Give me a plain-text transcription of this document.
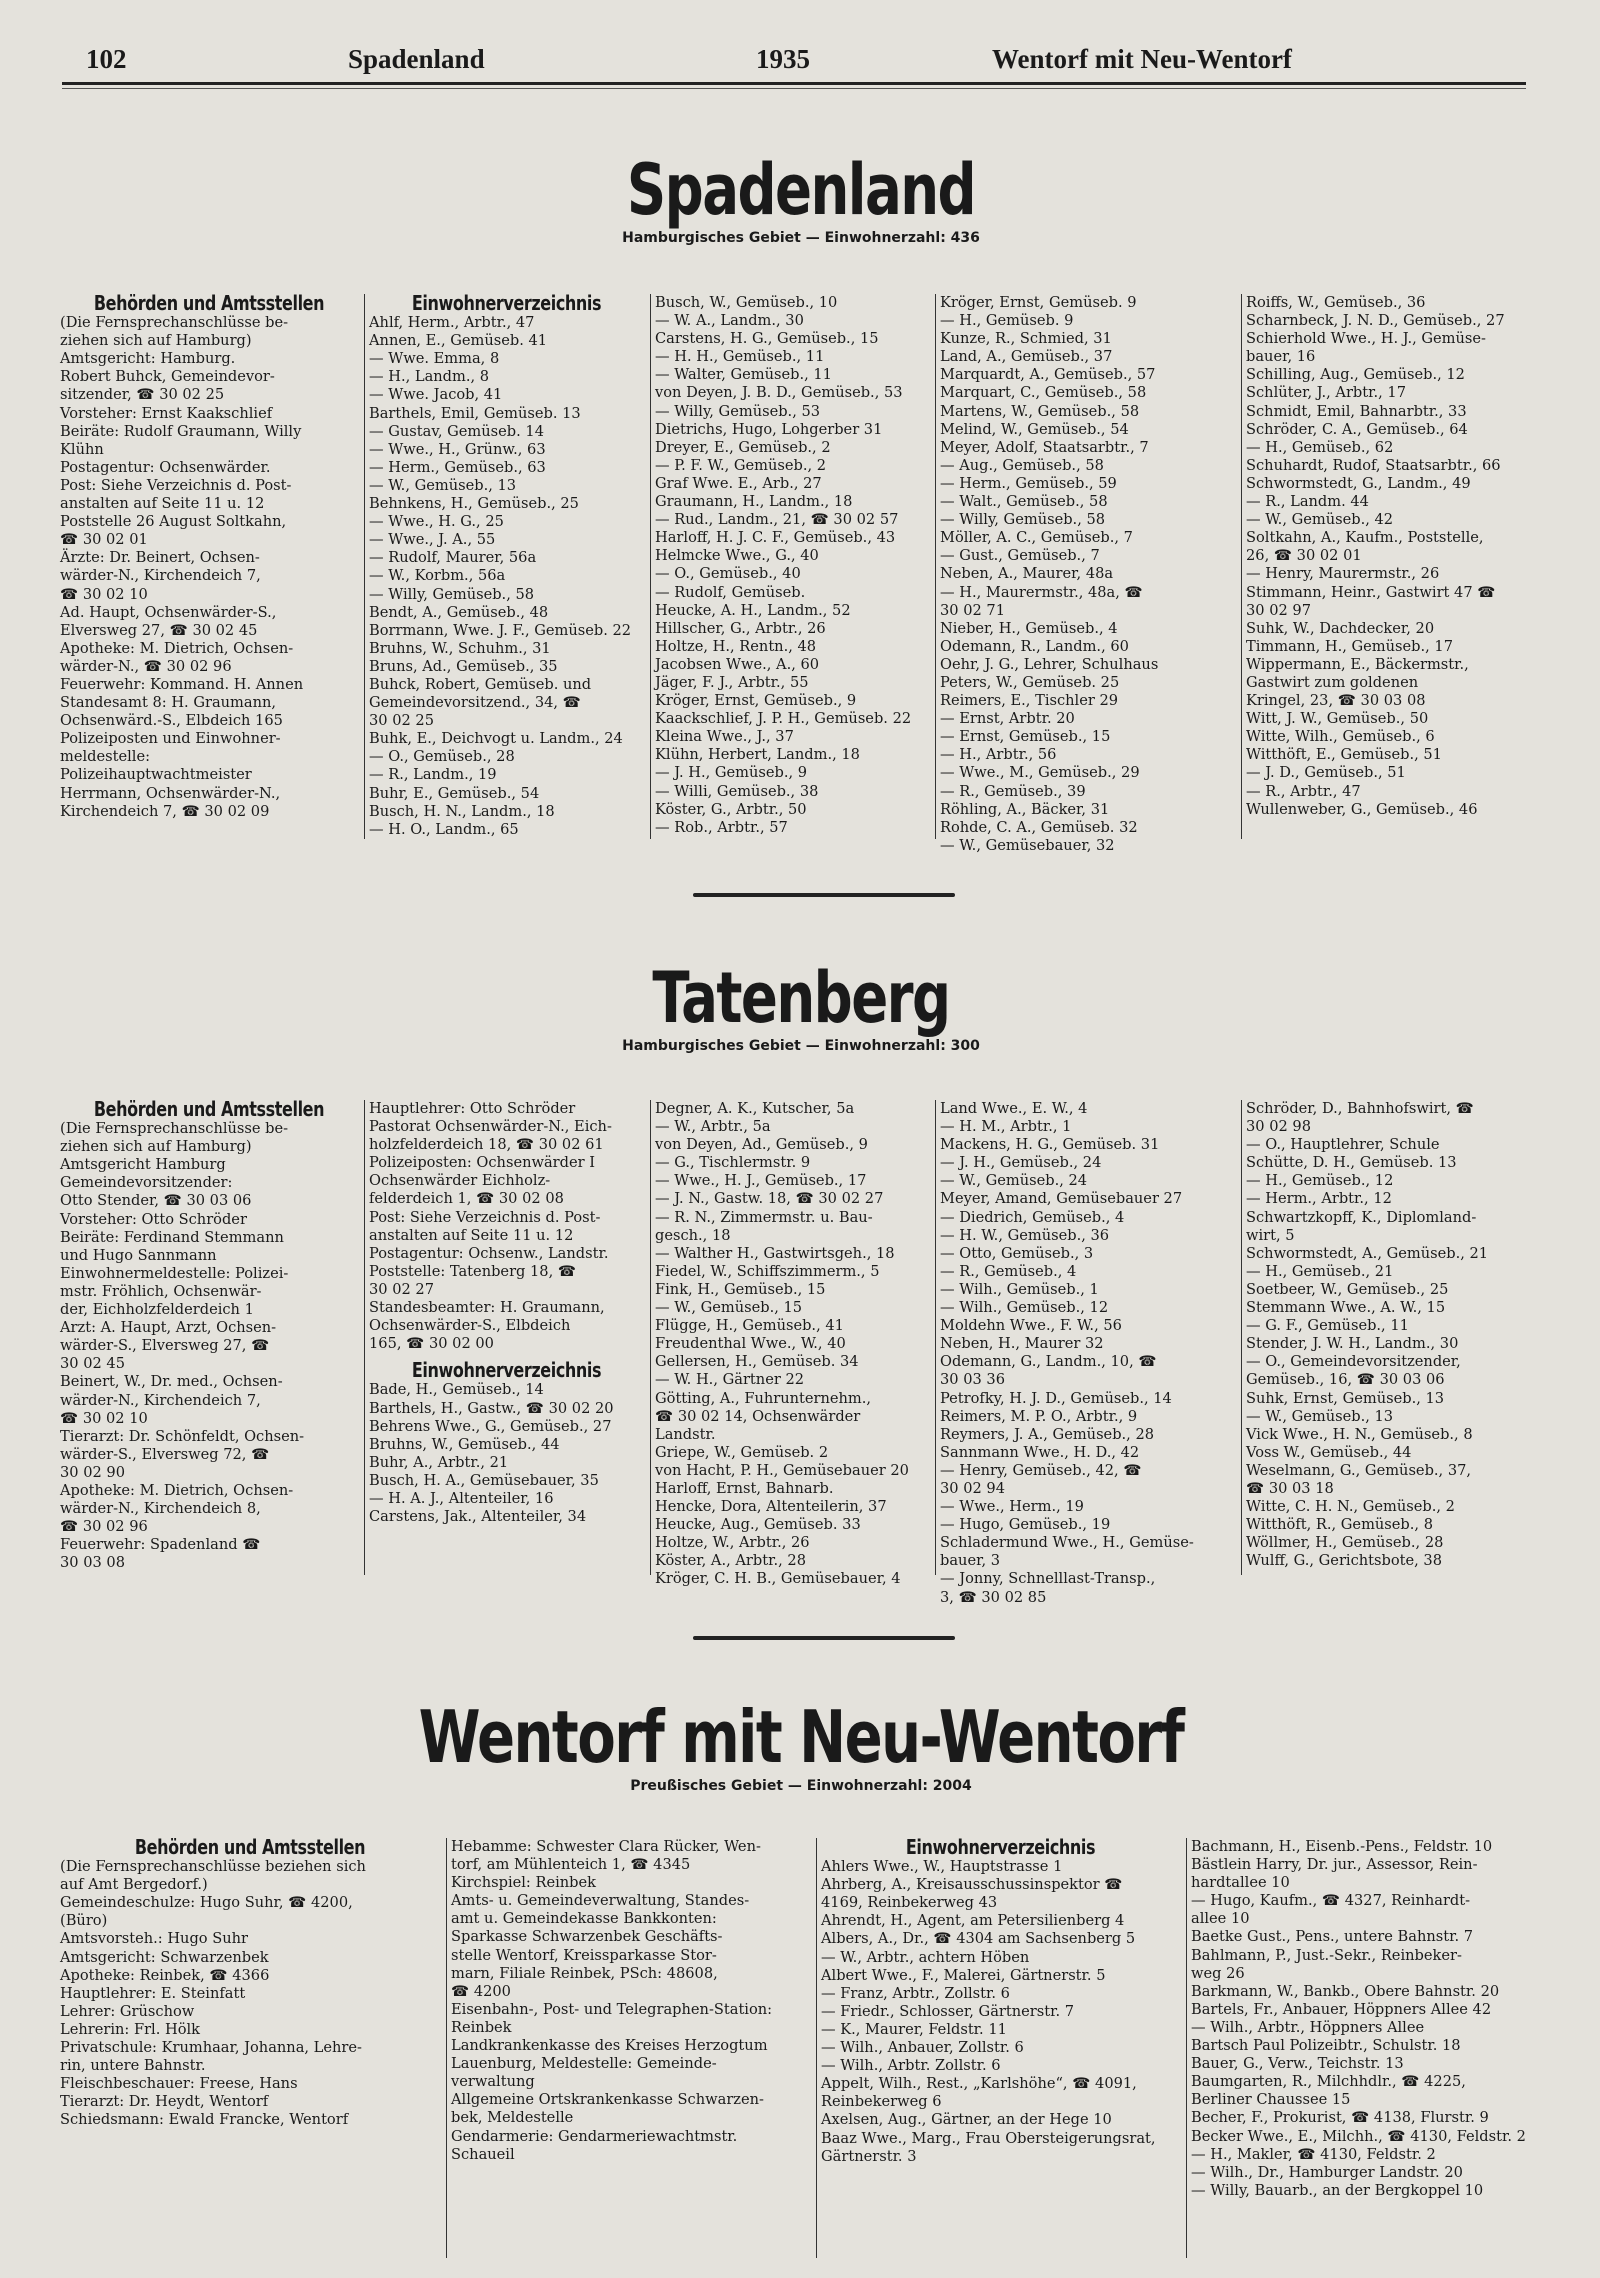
102	Spadenland	1935	Wentorf mit Neu-Wentorf
Spadenland
Hamburgisches Gebiet — Einwohnerzahl: 436
Behörden und Amtsstellen
(Die Fernsprechanschlüsse be-
ziehen sich auf Hamburg)
Amtsgericht: Hamburg.
Robert Buhck, Gemeindevor-
sitzender, ☎ 30 02 25
Vorsteher: Ernst Kaakschlief
Beiräte: Rudolf Graumann, Willy
Klühn
Postagentur: Ochsenwärder.
Post: Siehe Verzeichnis d. Post-
anstalten auf Seite 11 u. 12
Poststelle 26 August Soltkahn,
☎ 30 02 01
Ärzte: Dr. Beinert, Ochsen-
wärder-N., Kirchendeich 7,
☎ 30 02 10
Ad. Haupt, Ochsenwärder-S.,
Elversweg 27, ☎ 30 02 45
Apotheke: M. Dietrich, Ochsen-
wärder-N., ☎ 30 02 96
Feuerwehr: Kommand. H. Annen
Standesamt 8: H. Graumann,
Ochsenwärd.-S., Elbdeich 165
Polizeiposten und Einwohner-
meldestelle:
Polizeihauptwachtmeister
Herrmann, Ochsenwärder-N.,
Kirchendeich 7, ☎ 30 02 09
Einwohnerverzeichnis
Ahlf, Herm., Arbtr., 47
Annen, E., Gemüseb. 41
— Wwe. Emma, 8
— H., Landm., 8
— Wwe. Jacob, 41
Barthels, Emil, Gemüseb. 13
— Gustav, Gemüseb. 14
— Wwe., H., Grünw., 63
— Herm., Gemüseb., 63
— W., Gemüseb., 13
Behnkens, H., Gemüseb., 25
— Wwe., H. G., 25
— Wwe., J. A., 55
— Rudolf, Maurer, 56a
— W., Korbm., 56a
— Willy, Gemüseb., 58
Bendt, A., Gemüseb., 48
Borrmann, Wwe. J. F., Gemüseb. 22
Bruhns, W., Schuhm., 31
Bruns, Ad., Gemüseb., 35
Buhck, Robert, Gemüseb. und
Gemeindevorsitzend., 34, ☎
30 02 25
Buhk, E., Deichvogt u. Landm., 24
— O., Gemüseb., 28
— R., Landm., 19
Buhr, E., Gemüseb., 54
Busch, H. N., Landm., 18
— H. O., Landm., 65
Busch, W., Gemüseb., 10
— W. A., Landm., 30
Carstens, H. G., Gemüseb., 15
— H. H., Gemüseb., 11
— Walter, Gemüseb., 11
von Deyen, J. B. D., Gemüseb., 53
— Willy, Gemüseb., 53
Dietrichs, Hugo, Lohgerber 31
Dreyer, E., Gemüseb., 2
— P. F. W., Gemüseb., 2
Graf Wwe. E., Arb., 27
Graumann, H., Landm., 18
— Rud., Landm., 21, ☎ 30 02 57
Harloff, H. J. C. F., Gemüseb., 43
Helmcke Wwe., G., 40
— O., Gemüseb., 40
— Rudolf, Gemüseb.
Heucke, A. H., Landm., 52
Hillscher, G., Arbtr., 26
Holtze, H., Rentn., 48
Jacobsen Wwe., A., 60
Jäger, F. J., Arbtr., 55
Kröger, Ernst, Gemüseb., 9
Kaackschlief, J. P. H., Gemüseb. 22
Kleina Wwe., J., 37
Klühn, Herbert, Landm., 18
— J. H., Gemüseb., 9
— Willi, Gemüseb., 38
Köster, G., Arbtr., 50
— Rob., Arbtr., 57
Kröger, Ernst, Gemüseb. 9
— H., Gemüseb. 9
Kunze, R., Schmied, 31
Land, A., Gemüseb., 37
Marquardt, A., Gemüseb., 57
Marquart, C., Gemüseb., 58
Martens, W., Gemüseb., 58
Melind, W., Gemüseb., 54
Meyer, Adolf, Staatsarbtr., 7
— Aug., Gemüseb., 58
— Herm., Gemüseb., 59
— Walt., Gemüseb., 58
— Willy, Gemüseb., 58
Möller, A. C., Gemüseb., 7
— Gust., Gemüseb., 7
Neben, A., Maurer, 48a
— H., Maurermstr., 48a, ☎
30 02 71
Nieber, H., Gemüseb., 4
Odemann, R., Landm., 60
Oehr, J. G., Lehrer, Schulhaus
Peters, W., Gemüseb. 25
Reimers, E., Tischler 29
— Ernst, Arbtr. 20
— Ernst, Gemüseb., 15
— H., Arbtr., 56
— Wwe., M., Gemüseb., 29
— R., Gemüseb., 39
Röhling, A., Bäcker, 31
Rohde, C. A., Gemüseb. 32
— W., Gemüsebauer, 32
Roiffs, W., Gemüseb., 36
Scharnbeck, J. N. D., Gemüseb., 27
Schierhold Wwe., H. J., Gemüse-
bauer, 16
Schilling, Aug., Gemüseb., 12
Schlüter, J., Arbtr., 17
Schmidt, Emil, Bahnarbtr., 33
Schröder, C. A., Gemüseb., 64
— H., Gemüseb., 62
Schuhardt, Rudof, Staatsarbtr., 66
Schwormstedt, G., Landm., 49
— R., Landm. 44
— W., Gemüseb., 42
Soltkahn, A., Kaufm., Poststelle,
26, ☎ 30 02 01
— Henry, Maurermstr., 26
Stimmann, Heinr., Gastwirt 47 ☎
30 02 97
Suhk, W., Dachdecker, 20
Timmann, H., Gemüseb., 17
Wippermann, E., Bäckermstr.,
Gastwirt zum goldenen
Kringel, 23, ☎ 30 03 08
Witt, J. W., Gemüseb., 50
Witte, Wilh., Gemüseb., 6
Witthöft, E., Gemüseb., 51
— J. D., Gemüseb., 51
— R., Arbtr., 47
Wullenweber, G., Gemüseb., 46
Tatenberg
Hamburgisches Gebiet — Einwohnerzahl: 300
Behörden und Amtsstellen
(Die Fernsprechanschlüsse be-
ziehen sich auf Hamburg)
Amtsgericht Hamburg
Gemeindevorsitzender:
Otto Stender, ☎ 30 03 06
Vorsteher: Otto Schröder
Beiräte: Ferdinand Stemmann
und Hugo Sannmann
Einwohnermeldestelle: Polizei-
mstr. Fröhlich, Ochsenwär-
der, Eichholzfelderdeich 1
Arzt: A. Haupt, Arzt, Ochsen-
wärder-S., Elversweg 27, ☎
30 02 45
Beinert, W., Dr. med., Ochsen-
wärder-N., Kirchendeich 7,
☎ 30 02 10
Tierarzt: Dr. Schönfeldt, Ochsen-
wärder-S., Elversweg 72, ☎
30 02 90
Apotheke: M. Dietrich, Ochsen-
wärder-N., Kirchendeich 8,
☎ 30 02 96
Feuerwehr: Spadenland ☎
30 03 08
Hauptlehrer: Otto Schröder
Pastorat Ochsenwärder-N., Eich-
holzfelderdeich 18, ☎ 30 02 61
Polizeiposten: Ochsenwärder I
Ochsenwärder Eichholz-
felderdeich 1, ☎ 30 02 08
Post: Siehe Verzeichnis d. Post-
anstalten auf Seite 11 u. 12
Postagentur: Ochsenw., Landstr.
Poststelle: Tatenberg 18, ☎
30 02 27
Standesbeamter: H. Graumann,
Ochsenwärder-S., Elbdeich
165, ☎ 30 02 00
Einwohnerverzeichnis
Bade, H., Gemüseb., 14
Barthels, H., Gastw., ☎ 30 02 20
Behrens Wwe., G., Gemüseb., 27
Bruhns, W., Gemüseb., 44
Buhr, A., Arbtr., 21
Busch, H. A., Gemüsebauer, 35
— H. A. J., Altenteiler, 16
Carstens, Jak., Altenteiler, 34
Degner, A. K., Kutscher, 5a
— W., Arbtr., 5a
von Deyen, Ad., Gemüseb., 9
— G., Tischlermstr. 9
— Wwe., H. J., Gemüseb., 17
— J. N., Gastw. 18, ☎ 30 02 27
— R. N., Zimmermstr. u. Bau-
gesch., 18
— Walther H., Gastwirtsgeh., 18
Fiedel, W., Schiffszimmerm., 5
Fink, H., Gemüseb., 15
— W., Gemüseb., 15
Flügge, H., Gemüseb., 41
Freudenthal Wwe., W., 40
Gellersen, H., Gemüseb. 34
— W. H., Gärtner 22
Götting, A., Fuhrunternehm.,
☎ 30 02 14, Ochsenwärder
Landstr.
Griepe, W., Gemüseb. 2
von Hacht, P. H., Gemüsebauer 20
Harloff, Ernst, Bahnarb.
Hencke, Dora, Altenteilerin, 37
Heucke, Aug., Gemüseb. 33
Holtze, W., Arbtr., 26
Köster, A., Arbtr., 28
Kröger, C. H. B., Gemüsebauer, 4
Land Wwe., E. W., 4
— H. M., Arbtr., 1
Mackens, H. G., Gemüseb. 31
— J. H., Gemüseb., 24
— W., Gemüseb., 24
Meyer, Amand, Gemüsebauer 27
— Diedrich, Gemüseb., 4
— H. W., Gemüseb., 36
— Otto, Gemüseb., 3
— R., Gemüseb., 4
— Wilh., Gemüseb., 1
— Wilh., Gemüseb., 12
Moldehn Wwe., F. W., 56
Neben, H., Maurer 32
Odemann, G., Landm., 10, ☎
30 03 36
Petrofky, H. J. D., Gemüseb., 14
Reimers, M. P. O., Arbtr., 9
Reymers, J. A., Gemüseb., 28
Sannmann Wwe., H. D., 42
— Henry, Gemüseb., 42, ☎
30 02 94
— Wwe., Herm., 19
— Hugo, Gemüseb., 19
Schladermund Wwe., H., Gemüse-
bauer, 3
— Jonny, Schnelllast-Transp.,
3, ☎ 30 02 85
Schröder, D., Bahnhofswirt, ☎
30 02 98
— O., Hauptlehrer, Schule
Schütte, D. H., Gemüseb. 13
— H., Gemüseb., 12
— Herm., Arbtr., 12
Schwartzkopff, K., Diplomland-
wirt, 5
Schwormstedt, A., Gemüseb., 21
— H., Gemüseb., 21
Soetbeer, W., Gemüseb., 25
Stemmann Wwe., A. W., 15
— G. F., Gemüseb., 11
Stender, J. W. H., Landm., 30
— O., Gemeindevorsitzender,
Gemüseb., 16, ☎ 30 03 06
Suhk, Ernst, Gemüseb., 13
— W., Gemüseb., 13
Vick Wwe., H. N., Gemüseb., 8
Voss W., Gemüseb., 44
Weselmann, G., Gemüseb., 37,
☎ 30 03 18
Witte, C. H. N., Gemüseb., 2
Witthöft, R., Gemüseb., 8
Wöllmer, H., Gemüseb., 28
Wulff, G., Gerichtsbote, 38
Wentorf mit Neu-Wentorf
Preußisches Gebiet — Einwohnerzahl: 2004
Behörden und Amtsstellen
(Die Fernsprechanschlüsse beziehen sich
auf Amt Bergedorf.)
Gemeindeschulze: Hugo Suhr, ☎ 4200,
(Büro)
Amtsvorsteh.: Hugo Suhr
Amtsgericht: Schwarzenbek
Apotheke: Reinbek, ☎ 4366
Hauptlehrer: E. Steinfatt
Lehrer: Grüschow
Lehrerin: Frl. Hölk
Privatschule: Krumhaar, Johanna, Lehre-
rin, untere Bahnstr.
Fleischbeschauer: Freese, Hans
Tierarzt: Dr. Heydt, Wentorf
Schiedsmann: Ewald Francke, Wentorf
Hebamme: Schwester Clara Rücker, Wen-
torf, am Mühlenteich 1, ☎ 4345
Kirchspiel: Reinbek
Amts- u. Gemeindeverwaltung, Standes-
amt u. Gemeindekasse Bankkonten:
Sparkasse Schwarzenbek Geschäfts-
stelle Wentorf, Kreissparkasse Stor-
marn, Filiale Reinbek, PSch: 48608,
☎ 4200
Eisenbahn-, Post- und Telegraphen-Station:
Reinbek
Landkrankenkasse des Kreises Herzogtum
Lauenburg, Meldestelle: Gemeinde-
verwaltung
Allgemeine Ortskrankenkasse Schwarzen-
bek, Meldestelle
Gendarmerie: Gendarmeriewachtmstr.
Schaueil
Einwohnerverzeichnis
Ahlers Wwe., W., Hauptstrasse 1
Ahrberg, A., Kreisausschussinspektor ☎
4169, Reinbekerweg 43
Ahrendt, H., Agent, am Petersilienberg 4
Albers, A., Dr., ☎ 4304 am Sachsenberg 5
— W., Arbtr., achtern Höben
Albert Wwe., F., Malerei, Gärtnerstr. 5
— Franz, Arbtr., Zollstr. 6
— Friedr., Schlosser, Gärtnerstr. 7
— K., Maurer, Feldstr. 11
— Wilh., Anbauer, Zollstr. 6
— Wilh., Arbtr. Zollstr. 6
Appelt, Wilh., Rest., „Karlshöhe“, ☎ 4091,
Reinbekerweg 6
Axelsen, Aug., Gärtner, an der Hege 10
Baaz Wwe., Marg., Frau Obersteigerungsrat,
Gärtnerstr. 3
Bachmann, H., Eisenb.-Pens., Feldstr. 10
Bästlein Harry, Dr. jur., Assessor, Rein-
hardtallee 10
— Hugo, Kaufm., ☎ 4327, Reinhardt-
allee 10
Baetke Gust., Pens., untere Bahnstr. 7
Bahlmann, P., Just.-Sekr., Reinbeker-
weg 26
Barkmann, W., Bankb., Obere Bahnstr. 20
Bartels, Fr., Anbauer, Höppners Allee 42
— Wilh., Arbtr., Höppners Allee
Bartsch Paul Polizeibtr., Schulstr. 18
Bauer, G., Verw., Teichstr. 13
Baumgarten, R., Milchhdlr., ☎ 4225,
Berliner Chaussee 15
Becher, F., Prokurist, ☎ 4138, Flurstr. 9
Becker Wwe., E., Milchh., ☎ 4130, Feldstr. 2
— H., Makler, ☎ 4130, Feldstr. 2
— Wilh., Dr., Hamburger Landstr. 20
— Willy, Bauarb., an der Bergkoppel 10
